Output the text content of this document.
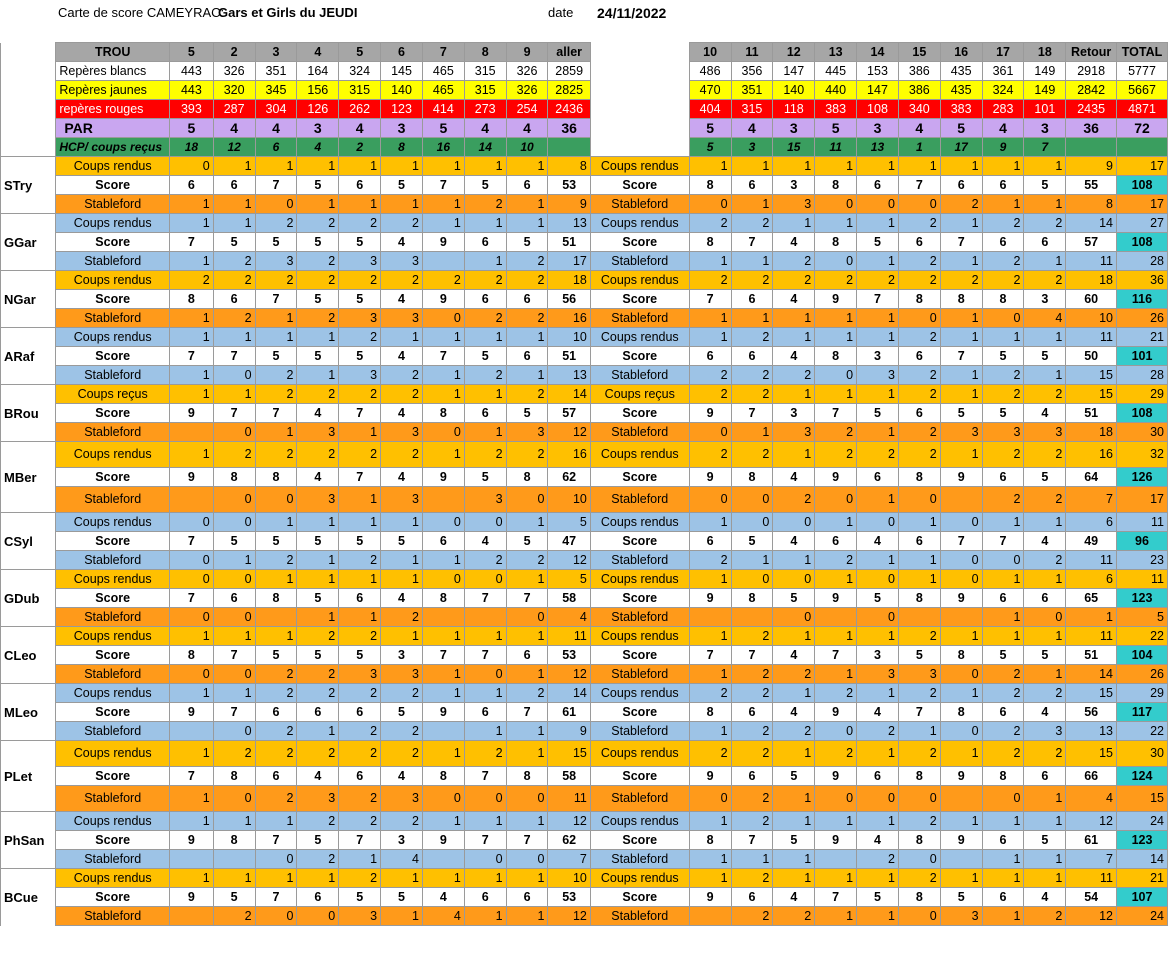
Carte de score CAMEYRAC:
Gars et Girls du JEUDI	date 24/11/2022
	TROU	5	2	3	4	5	6	7	8	9	aller		10	11	12	13	14	15	16	17	18	Retour	TOTAL
	Repères blancs	443	326	351	164	324	145	465	315	326	2859		486	356	147	445	153	386	435	361	149	2918	5777
	Repères jaunes	443	320	345	156	315	140	465	315	326	2825		470	351	140	440	147	386	435	324	149	2842	5667
	repères rouges	393	287	304	126	262	123	414	273	254	2436		404	315	118	383	108	340	383	283	101	2435	4871
	PAR	5	4	4	3	4	3	5	4	4	36		5	4	3	5	3	4	5	4	3	36	72
	HCP/ coups reçus	18	12	6	4	2	8	16	14	10			5	3	15	11	13	1	17	9	7		
	Coups rendus	0	1	1	1	1	1	1	1	1	8	Coups rendus	1	1	1	1	1	1	1	1	1	9	17
STry	Score	6	6	7	5	6	5	7	5	6	53	Score	8	6	3	8	6	7	6	6	5	55	108
	Stableford	1	1	0	1	1	1	1	2	1	9	Stableford	0	1	3	0	0	0	2	1	1	8	17
	Coups rendus	1	1	2	2	2	2	1	1	1	13	Coups rendus	2	2	1	1	1	2	1	2	2	14	27
GGar	Score	7	5	5	5	5	4	9	6	5	51	Score	8	7	4	8	5	6	7	6	6	57	108
	Stableford	1	2	3	2	3	3		1	2	17	Stableford	1	1	2	0	1	2	1	2	1	11	28
	Coups rendus	2	2	2	2	2	2	2	2	2	18	Coups rendus	2	2	2	2	2	2	2	2	2	18	36
NGar	Score	8	6	7	5	5	4	9	6	6	56	Score	7	6	4	9	7	8	8	8	3	60	116
	Stableford	1	2	1	2	3	3	0	2	2	16	Stableford	1	1	1	1	1	0	1	0	4	10	26
	Coups rendus	1	1	1	1	2	1	1	1	1	10	Coups rendus	1	2	1	1	1	2	1	1	1	11	21
ARaf	Score	7	7	5	5	5	4	7	5	6	51	Score	6	6	4	8	3	6	7	5	5	50	101
	Stableford	1	0	2	1	3	2	1	2	1	13	Stableford	2	2	2	0	3	2	1	2	1	15	28
	Coups reçus	1	1	2	2	2	2	1	1	2	14	Coups reçus	2	2	1	1	1	2	1	2	2	15	29
BRou	Score	9	7	7	4	7	4	8	6	5	57	Score	9	7	3	7	5	6	5	5	4	51	108
	Stableford		0	1	3	1	3	0	1	3	12	Stableford	0	1	3	2	1	2	3	3	3	18	30
	Coups rendus	1	2	2	2	2	2	1	2	2	16	Coups rendus	2	2	1	2	2	2	1	2	2	16	32
MBer	Score	9	8	8	4	7	4	9	5	8	62	Score	9	8	4	9	6	8	9	6	5	64	126
	Stableford		0	0	3	1	3		3	0	10	Stableford	0	0	2	0	1	0		2	2	7	17
	Coups rendus	0	0	1	1	1	1	0	0	1	5	Coups rendus	1	0	0	1	0	1	0	1	1	6	11
CSyl	Score	7	5	5	5	5	5	6	4	5	47	Score	6	5	4	6	4	6	7	7	4	49	96
	Stableford	0	1	2	1	2	1	1	2	2	12	Stableford	2	1	1	2	1	1	0	0	2	11	23
	Coups rendus	0	0	1	1	1	1	0	0	1	5	Coups rendus	1	0	0	1	0	1	0	1	1	6	11
GDub	Score	7	6	8	5	6	4	8	7	7	58	Score	9	8	5	9	5	8	9	6	6	65	123
	Stableford	0	0		1	1	2			0	4	Stableford			0		0			1	0	1	5
	Coups rendus	1	1	1	2	2	1	1	1	1	11	Coups rendus	1	2	1	1	1	2	1	1	1	11	22
CLeo	Score	8	7	5	5	5	3	7	7	6	53	Score	7	7	4	7	3	5	8	5	5	51	104
	Stableford	0	0	2	2	3	3	1	0	1	12	Stableford	1	2	2	1	3	3	0	2	1	14	26
	Coups rendus	1	1	2	2	2	2	1	1	2	14	Coups rendus	2	2	1	2	1	2	1	2	2	15	29
MLeo	Score	9	7	6	6	6	5	9	6	7	61	Score	8	6	4	9	4	7	8	6	4	56	117
	Stableford		0	2	1	2	2		1	1	9	Stableford	1	2	2	0	2	1	0	2	3	13	22
	Coups rendus	1	2	2	2	2	2	1	2	1	15	Coups rendus	2	2	1	2	1	2	1	2	2	15	30
PLet	Score	7	8	6	4	6	4	8	7	8	58	Score	9	6	5	9	6	8	9	8	6	66	124
	Stableford	1	0	2	3	2	3	0	0	0	11	Stableford	0	2	1	0	0	0		0	1	4	15
	Coups rendus	1	1	1	2	2	2	1	1	1	12	Coups rendus	1	2	1	1	1	2	1	1	1	12	24
PhSan	Score	9	8	7	5	7	3	9	7	7	62	Score	8	7	5	9	4	8	9	6	5	61	123
	Stableford			0	2	1	4		0	0	7	Stableford	1	1	1		2	0		1	1	7	14
	Coups rendus	1	1	1	1	2	1	1	1	1	10	Coups rendus	1	2	1	1	1	2	1	1	1	11	21
BCue	Score	9	5	7	6	5	5	4	6	6	53	Score	9	6	4	7	5	8	5	6	4	54	107
	Stableford		2	0	0	3	1	4	1	1	12	Stableford		2	2	1	1	0	3	1	2	12	24
